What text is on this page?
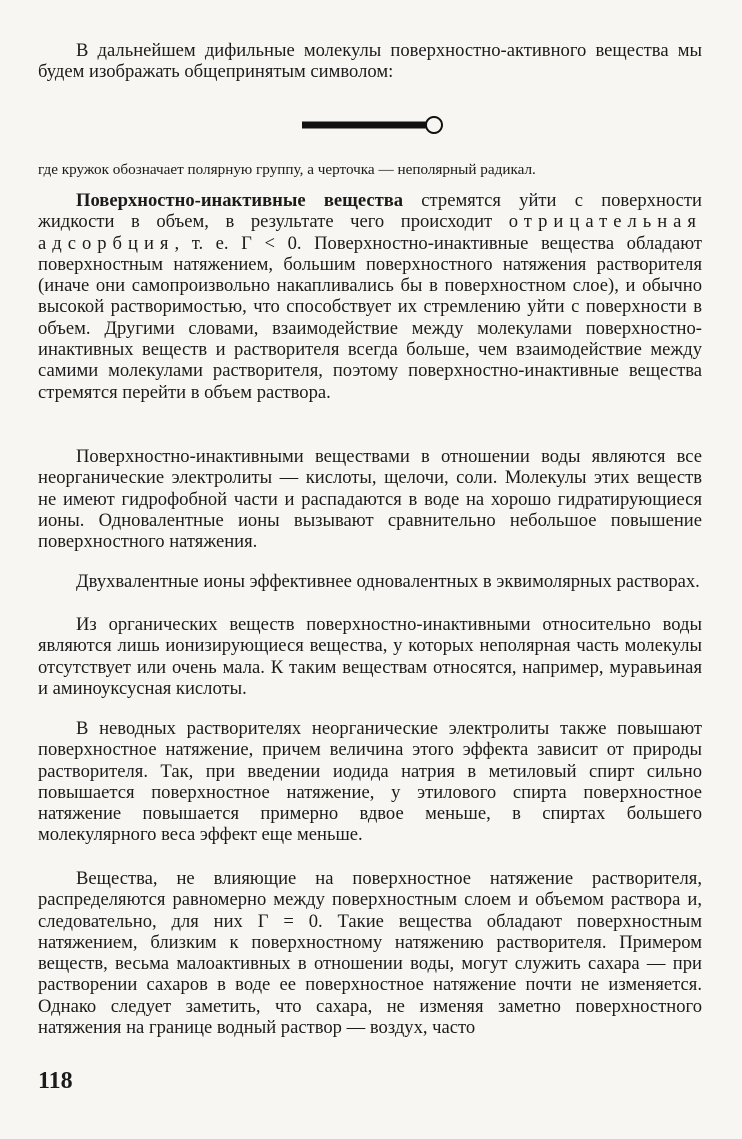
В дальнейшем дифильные молекулы поверхностно-активного вещества мы будем изображать общепринятым символом:

где кружок обозначает полярную группу, а черточка — неполярный радикал.

Поверхностно-инактивные вещества стремятся уйти с поверхности жидкости в объем, в результате чего происходит отрицательная адсорбция, т. е. Г < 0. Поверхностно-инактивные вещества обладают поверхностным натяжением, большим поверхностного натяжения растворителя (иначе они самопроизвольно накапливались бы в поверхностном слое), и обычно высокой растворимостью, что способствует их стремлению уйти с поверхности в объем. Другими словами, взаимодействие между молекулами поверхностно-инактивных веществ и растворителя всегда больше, чем взаимодействие между самими молекулами растворителя, поэтому поверхностно-инактивные вещества стремятся перейти в объем раствора.

Поверхностно-инактивными веществами в отношении воды являются все неорганические электролиты — кислоты, щелочи, соли. Молекулы этих веществ не имеют гидрофобной части и распадаются в воде на хорошо гидратирующиеся ионы. Одновалентные ионы вызывают сравнительно небольшое повышение поверхностного натяжения.

Двухвалентные ионы эффективнее одновалентных в эквимолярных растворах.

Из органических веществ поверхностно-инактивными относительно воды являются лишь ионизирующиеся вещества, у которых неполярная часть молекулы отсутствует или очень мала. К таким веществам относятся, например, муравьиная и аминоуксусная кислоты.

В неводных растворителях неорганические электролиты также повышают поверхностное натяжение, причем величина этого эффекта зависит от природы растворителя. Так, при введении иодида натрия в метиловый спирт сильно повышается поверхностное натяжение, у этилового спирта поверхностное натяжение повышается примерно вдвое меньше, в спиртах большего молекулярного веса эффект еще меньше.

Вещества, не влияющие на поверхностное натяжение растворителя, распределяются равномерно между поверхностным слоем и объемом раствора и, следовательно, для них Г = 0. Такие вещества обладают поверхностным натяжением, близким к поверхностному натяжению растворителя. Примером веществ, весьма малоактивных в отношении воды, могут служить сахара — при растворении сахаров в воде ее поверхностное натяжение почти не изменяется. Однако следует заметить, что сахара, не изменяя заметно поверхностного натяжения на границе водный раствор — воздух, часто

118
